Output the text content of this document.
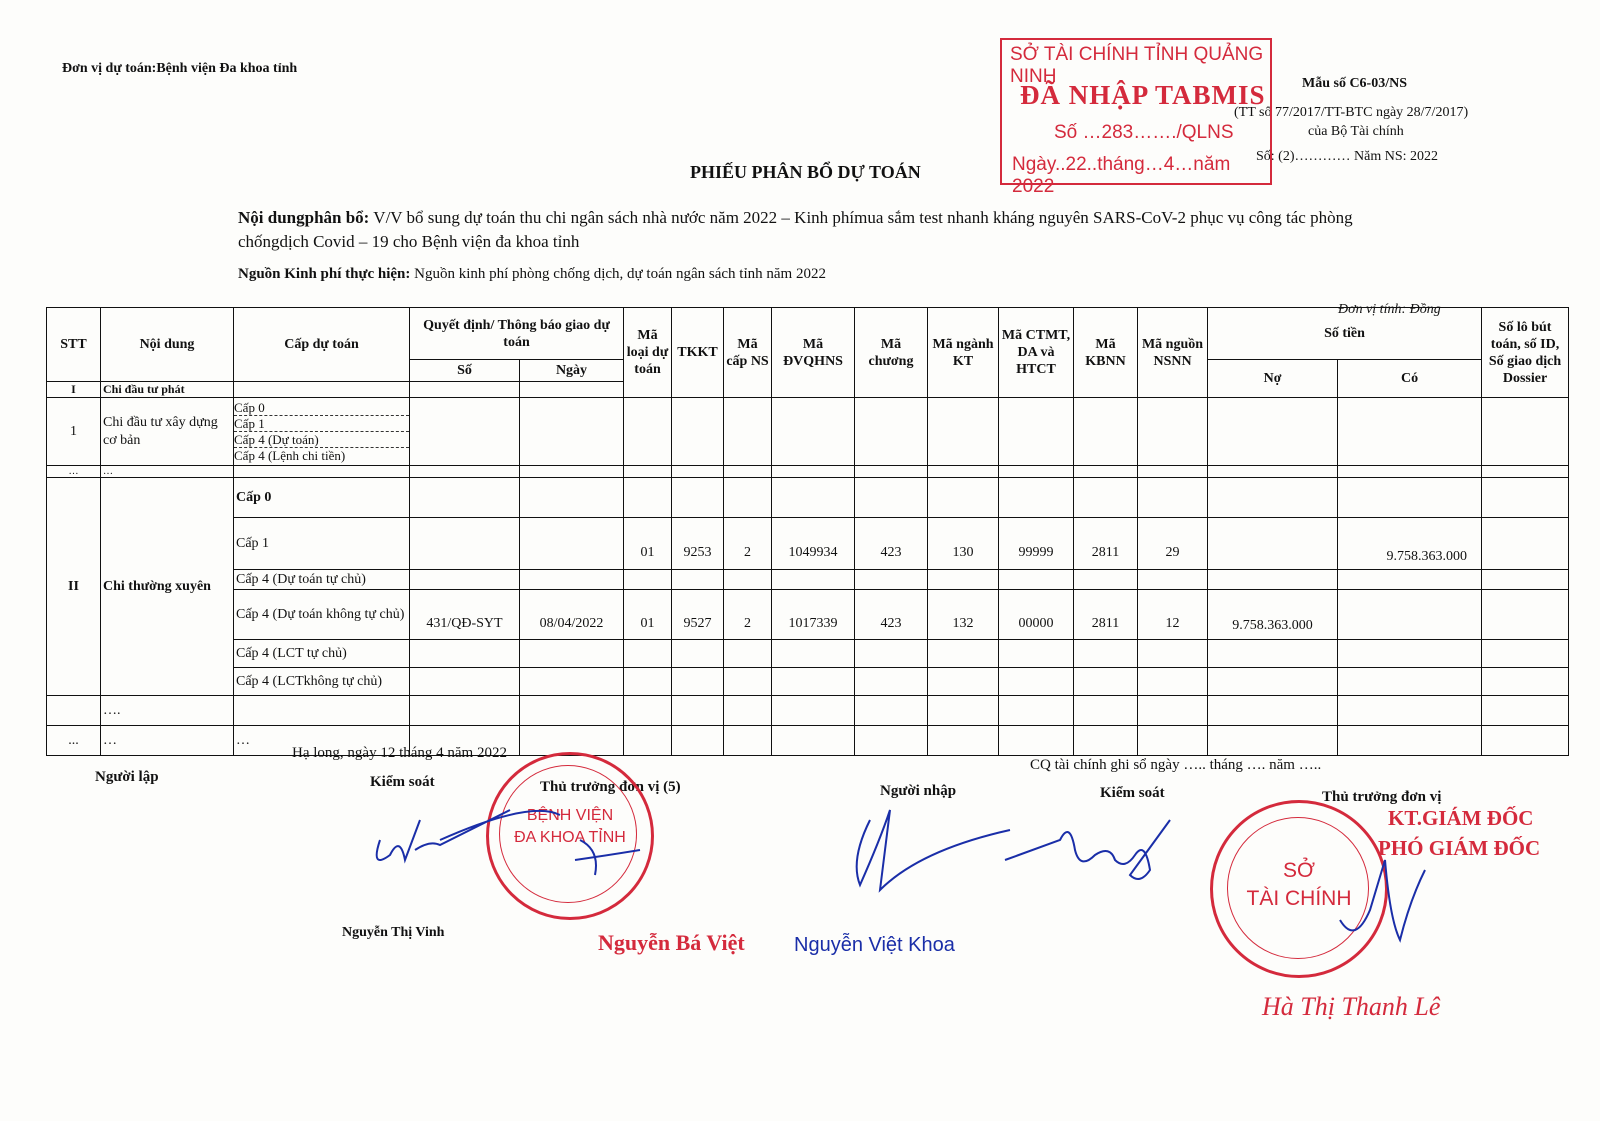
Đơn vị dự toán:Bệnh viện Đa khoa tỉnh
Mẫu số C6-03/NS
(TT số 77/2017/TT-BTC ngày 28/7/2017)
của Bộ Tài chính
Số: (2)………… Năm NS: 2022
SỞ TÀI CHÍNH TỈNH QUẢNG NINH
ĐÃ NHẬP TABMIS
Số …283……./QLNS
Ngày..22..tháng…4…năm 2022
PHIẾU PHÂN BỔ DỰ TOÁN
Nội dungphân bổ: V/V bổ sung dự toán thu chi ngân sách nhà nước năm 2022 – Kinh phímua sắm test nhanh kháng nguyên SARS-CoV-2 phục vụ công tác phòng
chốngdịch Covid – 19 cho Bệnh viện đa khoa tỉnh
Nguồn Kinh phí thực hiện: Nguồn kinh phí phòng chống dịch, dự toán ngân sách tỉnh năm 2022
Đơn vị tính: Đồng
STT	Nội dung	Cấp dự toán	Quyết định/ Thông báo giao dự toán		Mã loại dự toán	TKKT	Mã cấp NS	Mã ĐVQHNS	Mã chương	Mã ngành KT	Mã CTMT, DA và HTCT	Mã KBNN	Mã nguồn NSNN	Số tiền		Số lô bút toán, số ID, Số giao dịch Dossier
			Số	Ngày										Nợ	Có	
I	Chi đầu tư phát															
1	Chi đầu tư xây dựng cơ bản	Cấp 0
Cấp 1
Cấp 4 (Dự toán)
Cấp 4 (Lệnh chi tiền)														

…	…															
II	Chi thường xuyên	Cấp 0														
		Cấp 1			01	9253	2	1049934	423	130	99999	2811	29		9.758.363.000	
		Cấp 4 (Dự toán tự chủ)														
		Cấp 4 (Dự toán không tự chủ)	431/QĐ-SYT	08/04/2022	01	9527	2	1017339	423	132	00000	2811	12	9.758.363.000		
		Cấp 4 (LCT tự chủ)														
		Cấp 4 (LCTkhông tự chủ)														
	….															
...	…	…														
Hạ long, ngày 12 tháng 4 năm 2022
CQ tài chính ghi sổ ngày ….. tháng …. năm …..
Người lập	Kiểm soát	Thủ trưởng đơn vị (5)	Người nhập	Kiểm soát	Thủ trưởng đơn vị
KT.GIÁM ĐỐC
PHÓ GIÁM ĐỐC
BỆNH VIỆN
ĐA KHOA TỈNH
SỞ
TÀI CHÍNH
Nguyễn Thị Vinh	Nguyễn Bá Việt Nguyễn Việt Khoa
Hà Thị Thanh Lê
